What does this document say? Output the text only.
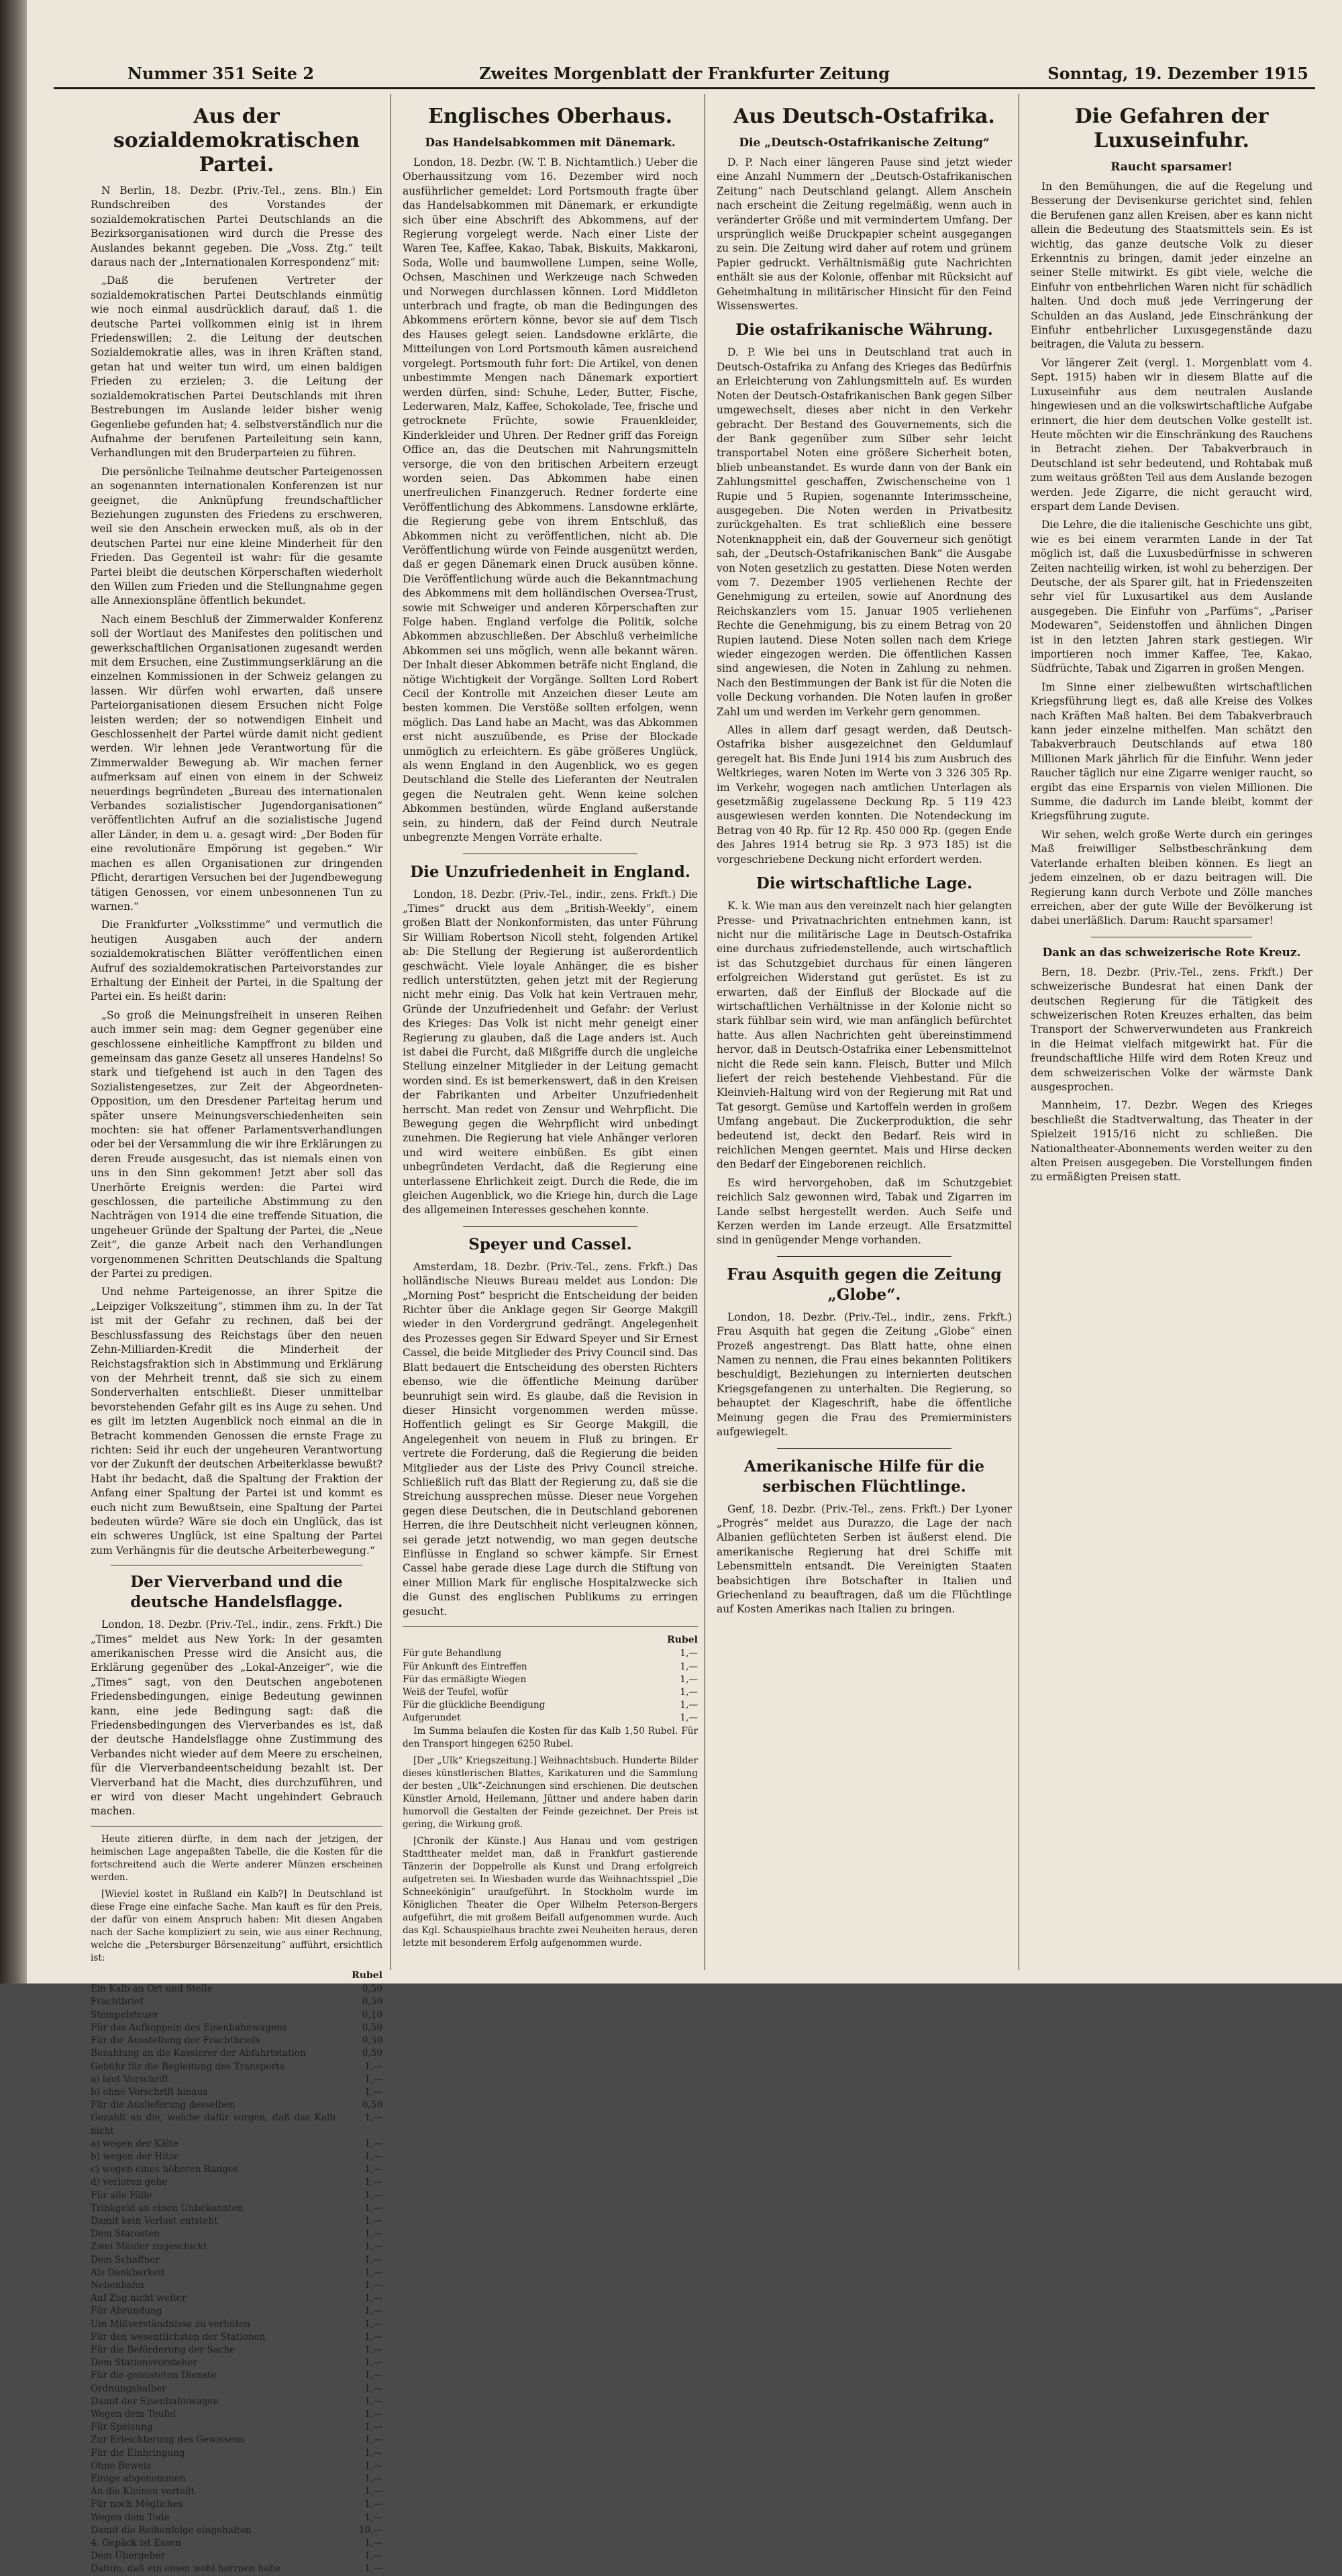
Nummer 351 Seite 2	Zweites Morgenblatt der Frankfurter Zeitung	Sonntag, 19. Dezember 1915
Aus der sozialdemokratischen Partei.

N Berlin, 18. Dezbr. (Priv.-Tel., zens. Bln.) Ein Rundschreiben des Vorstandes der sozialdemokratischen Partei Deutschlands an die Bezirksorganisationen wird durch die Presse des Auslandes bekannt gegeben. Die „Voss. Ztg.“ teilt daraus nach der „Internationalen Korrespondenz“ mit:

„Daß die berufenen Vertreter der sozialdemokratischen Partei Deutschlands einmütig wie noch einmal ausdrücklich darauf, daß 1. die deutsche Partei vollkommen einig ist in ihrem Friedenswillen; 2. die Leitung der deutschen Sozialdemokratie alles, was in ihren Kräften stand, getan hat und weiter tun wird, um einen baldigen Frieden zu erzielen; 3. die Leitung der sozialdemokratischen Partei Deutschlands mit ihren Bestrebungen im Auslande leider bisher wenig Gegenliebe gefunden hat; 4. selbstverständlich nur die Aufnahme der berufenen Parteileitung sein kann, Verhandlungen mit den Bruderparteien zu führen.

Die persönliche Teilnahme deutscher Parteigenossen an sogenannten internationalen Konferenzen ist nur geeignet, die Anknüpfung freundschaftlicher Beziehungen zugunsten des Friedens zu erschweren, weil sie den Anschein erwecken muß, als ob in der deutschen Partei nur eine kleine Minderheit für den Frieden. Das Gegenteil ist wahr: für die gesamte Partei bleibt die deutschen Körperschaften wiederholt den Willen zum Frieden und die Stellungnahme gegen alle Annexionspläne öffentlich bekundet.

Nach einem Beschluß der Zimmerwalder Konferenz soll der Wortlaut des Manifestes den politischen und gewerkschaftlichen Organisationen zugesandt werden mit dem Ersuchen, eine Zustimmungserklärung an die einzelnen Kommissionen in der Schweiz gelangen zu lassen. Wir dürfen wohl erwarten, daß unsere Parteiorganisationen diesem Ersuchen nicht Folge leisten werden; der so notwendigen Einheit und Geschlossenheit der Partei würde damit nicht gedient werden. Wir lehnen jede Verantwortung für die Zimmerwalder Bewegung ab. Wir machen ferner aufmerksam auf einen von einem in der Schweiz neuerdings begründeten „Bureau des internationalen Verbandes sozialistischer Jugendorganisationen“ veröffentlichten Aufruf an die sozialistische Jugend aller Länder, in dem u. a. gesagt wird: „Der Boden für eine revolutionäre Empörung ist gegeben.“ Wir machen es allen Organisationen zur dringenden Pflicht, derartigen Versuchen bei der Jugendbewegung tätigen Genossen, vor einem unbesonnenen Tun zu warnen.“

Die Frankfurter „Volksstimme“ und vermutlich die heutigen Ausgaben auch der andern sozialdemokratischen Blätter veröffentlichen einen Aufruf des sozialdemokratischen Parteivorstandes zur Erhaltung der Einheit der Partei, in die Spaltung der Partei ein. Es heißt darin:

„So groß die Meinungsfreiheit in unseren Reihen auch immer sein mag: dem Gegner gegenüber eine geschlossene einheitliche Kampffront zu bilden und gemeinsam das ganze Gesetz all unseres Handelns! So stark und tiefgehend ist auch in den Tagen des Sozialistengesetzes, zur Zeit der Abgeordneten-Opposition, um den Dresdener Parteitag herum und später unsere Meinungsverschiedenheiten sein mochten: sie hat offener Parlamentsverhandlungen oder bei der Versammlung die wir ihre Erklärungen zu deren Freude ausgesucht, das ist niemals einen von uns in den Sinn gekommen! Jetzt aber soll das Unerhörte Ereignis werden: die Partei wird geschlossen, die parteiliche Abstimmung zu den Nachträgen von 1914 die eine treffende Situation, die ungeheuer Gründe der Spaltung der Partei, die „Neue Zeit“, die ganze Arbeit nach den Verhandlungen vorgenommenen Schritten Deutschlands die Spaltung der Partei zu predigen.

Und nehme Parteigenosse, an ihrer Spitze die „Leipziger Volkszeitung“, stimmen ihm zu. In der Tat ist mit der Gefahr zu rechnen, daß bei der Beschlussfassung des Reichstags über den neuen Zehn-Milliarden-Kredit die Minderheit der Reichstagsfraktion sich in Abstimmung und Erklärung von der Mehrheit trennt, daß sie sich zu einem Sonderverhalten entschließt. Dieser unmittelbar bevorstehenden Gefahr gilt es ins Auge zu sehen. Und es gilt im letzten Augenblick noch einmal an die in Betracht kommenden Genossen die ernste Frage zu richten: Seid ihr euch der ungeheuren Verantwortung vor der Zukunft der deutschen Arbeiterklasse bewußt? Habt ihr bedacht, daß die Spaltung der Fraktion der Anfang einer Spaltung der Partei ist und kommt es euch nicht zum Bewußtsein, eine Spaltung der Partei bedeuten würde? Wäre sie doch ein Unglück, das ist ein schweres Unglück, ist eine Spaltung der Partei zum Verhängnis für die deutsche Arbeiterbewegung.“

Der Vierverband und die deutsche Handelsflagge.

London, 18. Dezbr. (Priv.-Tel., indir., zens. Frkft.) Die „Times“ meldet aus New York: In der gesamten amerikanischen Presse wird die Ansicht aus, die Erklärung gegenüber des „Lokal-Anzeiger“, wie die „Times“ sagt, von den Deutschen angebotenen Friedensbedingungen, einige Bedeutung gewinnen kann, eine jede Bedingung sagt: daß die Friedensbedingungen des Vierverbandes es ist, daß der deutsche Handelsflagge ohne Zustimmung des Verbandes nicht wieder auf dem Meere zu erscheinen, für die Vierverbandeentscheidung bezahlt ist. Der Vierverband hat die Macht, dies durchzuführen, und er wird von dieser Macht ungehindert Gebrauch machen.

Heute zitieren dürfte, in dem nach der jetzigen, der heimischen Lage angepaßten Tabelle, die die Kosten für die fortschreitend auch die Werte anderer Münzen erscheinen werden.

[Wieviel kostet in Rußland ein Kalb?] In Deutschland ist diese Frage eine einfache Sache. Man kauft es für den Preis, der dafür von einem Anspruch haben: Mit diesen Angaben nach der Sache kompliziert zu sein, wie aus einer Rechnung, welche die „Petersburger Börsenzeitung“ aufführt, ersichtlich ist:

Rubel
Ein Kalb an Ort und Stelle	0,50
Frachtbrief	0,50
Stempelsteuer	0,10
Für das Aufkoppeln des Eisenbahnwagens	0,50
Für die Ausstellung der Frachtbriefs	0,50
Bezahlung an die Kassierer der Abfahrtstation	0,50
Gebühr für die Begleitung des Transports	1,—
a) laut Vorschrift	1,—
b) ohne Vorschrift hinaus	1,—
Für die Auslieferung desselben	0,50
Gezahlt an die, welche dafür sorgen, daß das Kalb nicht	1,—
a) wegen der Kälte	1,—
b) wegen der Hitze	1,—
c) wegen eines höheren Ranges	1,—
d) verloren gehe	1,—
Für alle Fälle	1,—
Trinkgeld an einen Unbekannten	1,—
Damit kein Verlust entsteht	1,—
Dem Starosten	1,—
Zwei Mäuler zugeschickt	1,—
Dem Schaffner	1,—
Als Dankbarkeit	1,—
Nebenbahn	1,—
Auf Zug nicht weiter	1,—
Für Abrundung	1,—
Um Mißverständnisse zu verhüten	1,—
Für den wesentlichsten der Stationen	1,—
Für die Beförderung der Sache	1,—
Dem Stationsvorsteher	1,—
Für die geleisteten Dienste	1,—
Ordnungshalber	1,—
Damit der Eisenbahnwagen	1,—
Wegen dem Teufel	1,—
Für Speisung	1,—
Zur Erleichterung des Gewissens	1,—
Für die Einbringung	1,—
Ohne Beweis	1,—
Einige abgenommen	1,—
An die Kleinen verteilt	1,—
Für noch Mögliches	1,—
Wegen dem Tode	1,—
Damit die Reihenfolge eingehalten	10,—
4. Gepäck ist Essen	1,—
Dem Übergeber	1,—
Datum, daß ein einen wohl herrnen habe	1,—
Englisches Oberhaus.
Das Handelsabkommen mit Dänemark.

London, 18. Dezbr. (W. T. B. Nichtamtlich.) Ueber die Oberhaussitzung vom 16. Dezember wird noch ausführlicher gemeldet: Lord Portsmouth fragte über das Handelsabkommen mit Dänemark, er erkundigte sich über eine Abschrift des Abkommens, auf der Regierung vorgelegt werde. Nach einer Liste der Waren Tee, Kaffee, Kakao, Tabak, Biskuits, Makkaroni, Soda, Wolle und baumwollene Lumpen, seine Wolle, Ochsen, Maschinen und Werkzeuge nach Schweden und Norwegen durchlassen können. Lord Middleton unterbrach und fragte, ob man die Bedingungen des Abkommens erörtern könne, bevor sie auf dem Tisch des Hauses gelegt seien. Landsdowne erklärte, die Mitteilungen von Lord Portsmouth kämen ausreichend vorgelegt. Portsmouth fuhr fort: Die Artikel, von denen unbestimmte Mengen nach Dänemark exportiert werden dürfen, sind: Schuhe, Leder, Butter, Fische, Lederwaren, Malz, Kaffee, Schokolade, Tee, frische und getrocknete Früchte, sowie Frauenkleider, Kinderkleider und Uhren. Der Redner griff das Foreign Office an, das die Deutschen mit Nahrungsmitteln versorge, die von den britischen Arbeitern erzeugt worden seien. Das Abkommen habe einen unerfreulichen Finanzgeruch. Redner forderte eine Veröffentlichung des Abkommens. Lansdowne erklärte, die Regierung gebe von ihrem Entschluß, das Abkommen nicht zu veröffentlichen, nicht ab. Die Veröffentlichung würde von Feinde ausgenützt werden, daß er gegen Dänemark einen Druck ausüben könne. Die Veröffentlichung würde auch die Bekanntmachung des Abkommens mit dem holländischen Oversea-Trust, sowie mit Schweiger und anderen Körperschaften zur Folge haben. England verfolge die Politik, solche Abkommen abzuschließen. Der Abschluß verheimliche Abkommen sei uns möglich, wenn alle bekannt wären. Der Inhalt dieser Abkommen beträfe nicht England, die nötige Wichtigkeit der Vorgänge. Sollten Lord Robert Cecil der Kontrolle mit Anzeichen dieser Leute am besten kommen. Die Verstöße sollten erfolgen, wenn möglich. Das Land habe an Macht, was das Abkommen erst nicht auszuübende, es Prise der Blockade unmöglich zu erleichtern. Es gäbe größeres Unglück, als wenn England in den Augenblick, wo es gegen Deutschland die Stelle des Lieferanten der Neutralen gegen die Neutralen geht. Wenn keine solchen Abkommen bestünden, würde England außerstande sein, zu hindern, daß der Feind durch Neutrale unbegrenzte Mengen Vorräte erhalte.

Die Unzufriedenheit in England.

London, 18. Dezbr. (Priv.-Tel., indir., zens. Frkft.) Die „Times“ druckt aus dem „British-Weekly“, einem großen Blatt der Nonkonformisten, das unter Führung Sir William Robertson Nicoll steht, folgenden Artikel ab: Die Stellung der Regierung ist außerordentlich geschwächt. Viele loyale Anhänger, die es bisher redlich unterstützten, gehen jetzt mit der Regierung nicht mehr einig. Das Volk hat kein Vertrauen mehr, Gründe der Unzufriedenheit und Gefahr: der Verlust des Krieges: Das Volk ist nicht mehr geneigt einer Regierung zu glauben, daß die Lage anders ist. Auch ist dabei die Furcht, daß Mißgriffe durch die ungleiche Stellung einzelner Mitglieder in der Leitung gemacht worden sind. Es ist bemerkenswert, daß in den Kreisen der Fabrikanten und Arbeiter Unzufriedenheit herrscht. Man redet von Zensur und Wehrpflicht. Die Bewegung gegen die Wehrpflicht wird unbedingt zunehmen. Die Regierung hat viele Anhänger verloren und wird weitere einbüßen. Es gibt einen unbegründeten Verdacht, daß die Regierung eine unterlassene Ehrlichkeit zeigt. Durch die Rede, die im gleichen Augenblick, wo die Kriege hin, durch die Lage des allgemeinen Interesses geschehen konnte.

Speyer und Cassel.

Amsterdam, 18. Dezbr. (Priv.-Tel., zens. Frkft.) Das holländische Nieuws Bureau meldet aus London: Die „Morning Post“ bespricht die Entscheidung der beiden Richter über die Anklage gegen Sir George Makgill wieder in den Vordergrund gedrängt. Angelegenheit des Prozesses gegen Sir Edward Speyer und Sir Ernest Cassel, die beide Mitglieder des Privy Council sind. Das Blatt bedauert die Entscheidung des obersten Richters ebenso, wie die öffentliche Meinung darüber beunruhigt sein wird. Es glaube, daß die Revision in dieser Hinsicht vorgenommen werden müsse. Hoffentlich gelingt es Sir George Makgill, die Angelegenheit von neuem in Fluß zu bringen. Er vertrete die Forderung, daß die Regierung die beiden Mitglieder aus der Liste des Privy Council streiche. Schließlich ruft das Blatt der Regierung zu, daß sie die Streichung aussprechen müsse. Dieser neue Vorgehen gegen diese Deutschen, die in Deutschland geborenen Herren, die ihre Deutschheit nicht verleugnen können, sei gerade jetzt notwendig, wo man gegen deutsche Einflüsse in England so schwer kämpfe. Sir Ernest Cassel habe gerade diese Lage durch die Stiftung von einer Million Mark für englische Hospitalzwecke sich die Gunst des englischen Publikums zu erringen gesucht.

Rubel
Für gute Behandlung	1,—
Für Ankunft des Eintreffen	1,—
Für das ermäßigte Wiegen	1,—
Weiß der Teufel, wofür	1,—
Für die glückliche Beendigung	1,—
Aufgerundet	1,—

Im Summa belaufen die Kosten für das Kalb 1,50 Rubel. Für den Transport hingegen 6250 Rubel.

[Der „Ulk“ Kriegszeitung.] Weihnachtsbuch. Hunderte Bilder dieses künstlerischen Blattes, Karikaturen und die Sammlung der besten „Ulk“-Zeichnungen sind erschienen. Die deutschen Künstler Arnold, Heilemann, Jüttner und andere haben darin humorvoll die Gestalten der Feinde gezeichnet. Der Preis ist gering, die Wirkung groß.

[Chronik der Künste.] Aus Hanau und vom gestrigen Stadttheater meldet man, daß in Frankfurt gastierende Tänzerin der Doppelrolle als Kunst und Drang erfolgreich aufgetreten sei. In Wiesbaden wurde das Weihnachtsspiel „Die Schneekönigin“ uraufgeführt. In Stockholm wurde im Königlichen Theater die Oper Wilhelm Peterson-Bergers aufgeführt, die mit großem Beifall aufgenommen wurde. Auch das Kgl. Schauspielhaus brachte zwei Neuheiten heraus, deren letzte mit besonderem Erfolg aufgenommen wurde.

Aus Deutsch-Ostafrika.
Die „Deutsch-Ostafrikanische Zeitung“

D. P. Nach einer längeren Pause sind jetzt wieder eine Anzahl Nummern der „Deutsch-Ostafrikanischen Zeitung“ nach Deutschland gelangt. Allem Anschein nach erscheint die Zeitung regelmäßig, wenn auch in veränderter Größe und mit vermindertem Umfang. Der ursprünglich weiße Druckpapier scheint ausgegangen zu sein. Die Zeitung wird daher auf rotem und grünem Papier gedruckt. Verhältnismäßig gute Nachrichten enthält sie aus der Kolonie, offenbar mit Rücksicht auf Geheimhaltung in militärischer Hinsicht für den Feind Wissenswertes.

Die ostafrikanische Währung.

D. P. Wie bei uns in Deutschland trat auch in Deutsch-Ostafrika zu Anfang des Krieges das Bedürfnis an Erleichterung von Zahlungsmitteln auf. Es wurden Noten der Deutsch-Ostafrikanischen Bank gegen Silber umgewechselt, dieses aber nicht in den Verkehr gebracht. Der Bestand des Gouvernements, sich die der Bank gegenüber zum Silber sehr leicht transportabel Noten eine größere Sicherheit boten, blieb unbeanstandet. Es wurde dann von der Bank ein Zahlungsmittel geschaffen, Zwischenscheine von 1 Rupie und 5 Rupien, sogenannte Interimsscheine, ausgegeben. Die Noten werden in Privatbesitz zurückgehalten. Es trat schließlich eine bessere Notenknappheit ein, daß der Gouverneur sich genötigt sah, der „Deutsch-Ostafrikanischen Bank“ die Ausgabe von Noten gesetzlich zu gestatten. Diese Noten werden vom 7. Dezember 1905 verliehenen Rechte der Genehmigung zu erteilen, sowie auf Anordnung des Reichskanzlers vom 15. Januar 1905 verliehenen Rechte die Genehmigung, bis zu einem Betrag von 20 Rupien lautend. Diese Noten sollen nach dem Kriege wieder eingezogen werden. Die öffentlichen Kassen sind angewiesen, die Noten in Zahlung zu nehmen. Nach den Bestimmungen der Bank ist für die Noten die volle Deckung vorhanden. Die Noten laufen in großer Zahl um und werden im Verkehr gern genommen.

Alles in allem darf gesagt werden, daß Deutsch-Ostafrika bisher ausgezeichnet den Geldumlauf geregelt hat. Bis Ende Juni 1914 bis zum Ausbruch des Weltkrieges, waren Noten im Werte von 3 326 305 Rp. im Verkehr, wogegen nach amtlichen Unterlagen als gesetzmäßig zugelassene Deckung Rp. 5 119 423 ausgewiesen werden konnten. Die Notendeckung im Betrag von 40 Rp. für 12 Rp. 450 000 Rp. (gegen Ende des Jahres 1914 betrug sie Rp. 3 973 185) ist die vorgeschriebene Deckung nicht erfordert werden.

Die wirtschaftliche Lage.

K. k. Wie man aus den vereinzelt nach hier gelangten Presse- und Privatnachrichten entnehmen kann, ist nicht nur die militärische Lage in Deutsch-Ostafrika eine durchaus zufriedenstellende, auch wirtschaftlich ist das Schutzgebiet durchaus für einen längeren erfolgreichen Widerstand gut gerüstet. Es ist zu erwarten, daß der Einfluß der Blockade auf die wirtschaftlichen Verhältnisse in der Kolonie nicht so stark fühlbar sein wird, wie man anfänglich befürchtet hatte. Aus allen Nachrichten geht übereinstimmend hervor, daß in Deutsch-Ostafrika einer Lebensmittelnot nicht die Rede sein kann. Fleisch, Butter und Milch liefert der reich bestehende Viehbestand. Für die Kleinvieh-Haltung wird von der Regierung mit Rat und Tat gesorgt. Gemüse und Kartoffeln werden in großem Umfang angebaut. Die Zuckerproduktion, die sehr bedeutend ist, deckt den Bedarf. Reis wird in reichlichen Mengen geerntet. Mais und Hirse decken den Bedarf der Eingeborenen reichlich.

Es wird hervorgehoben, daß im Schutzgebiet reichlich Salz gewonnen wird, Tabak und Zigarren im Lande selbst hergestellt werden. Auch Seife und Kerzen werden im Lande erzeugt. Alle Ersatzmittel sind in genügender Menge vorhanden.

Frau Asquith gegen die Zeitung „Globe“.

London, 18. Dezbr. (Priv.-Tel., indir., zens. Frkft.) Frau Asquith hat gegen die Zeitung „Globe“ einen Prozeß angestrengt. Das Blatt hatte, ohne einen Namen zu nennen, die Frau eines bekannten Politikers beschuldigt, Beziehungen zu internierten deutschen Kriegsgefangenen zu unterhalten. Die Regierung, so behauptet der Klageschrift, habe die öffentliche Meinung gegen die Frau des Premierministers aufgewiegelt.

Amerikanische Hilfe für die serbischen Flüchtlinge.

Genf, 18. Dezbr. (Priv.-Tel., zens. Frkft.) Der Lyoner „Progrès“ meldet aus Durazzo, die Lage der nach Albanien geflüchteten Serben ist äußerst elend. Die amerikanische Regierung hat drei Schiffe mit Lebensmitteln entsandt. Die Vereinigten Staaten beabsichtigen ihre Botschafter in Italien und Griechenland zu beauftragen, daß um die Flüchtlinge auf Kosten Amerikas nach Italien zu bringen.

Die Gefahren der Luxuseinfuhr.
Raucht sparsamer!

In den Bemühungen, die auf die Regelung und Besserung der Devisenkurse gerichtet sind, fehlen die Berufenen ganz allen Kreisen, aber es kann nicht allein die Bedeutung des Staatsmittels sein. Es ist wichtig, das ganze deutsche Volk zu dieser Erkenntnis zu bringen, damit jeder einzelne an seiner Stelle mitwirkt. Es gibt viele, welche die Einfuhr von entbehrlichen Waren nicht für schädlich halten. Und doch muß jede Verringerung der Schulden an das Ausland, jede Einschränkung der Einfuhr entbehrlicher Luxusgegenstände dazu beitragen, die Valuta zu bessern.

Vor längerer Zeit (vergl. 1. Morgenblatt vom 4. Sept. 1915) haben wir in diesem Blatte auf die Luxuseinfuhr aus dem neutralen Auslande hingewiesen und an die volkswirtschaftliche Aufgabe erinnert, die hier dem deutschen Volke gestellt ist. Heute möchten wir die Einschränkung des Rauchens in Betracht ziehen. Der Tabakverbrauch in Deutschland ist sehr bedeutend, und Rohtabak muß zum weitaus größten Teil aus dem Auslande bezogen werden. Jede Zigarre, die nicht geraucht wird, erspart dem Lande Devisen.

Die Lehre, die die italienische Geschichte uns gibt, wie es bei einem verarmten Lande in der Tat möglich ist, daß die Luxusbedürfnisse in schweren Zeiten nachteilig wirken, ist wohl zu beherzigen. Der Deutsche, der als Sparer gilt, hat in Friedenszeiten sehr viel für Luxusartikel aus dem Auslande ausgegeben. Die Einfuhr von „Parfüms“, „Pariser Modewaren“, Seidenstoffen und ähnlichen Dingen ist in den letzten Jahren stark gestiegen. Wir importieren noch immer Kaffee, Tee, Kakao, Südfrüchte, Tabak und Zigarren in großen Mengen.

Im Sinne einer zielbewußten wirtschaftlichen Kriegsführung liegt es, daß alle Kreise des Volkes nach Kräften Maß halten. Bei dem Tabakverbrauch kann jeder einzelne mithelfen. Man schätzt den Tabakverbrauch Deutschlands auf etwa 180 Millionen Mark jährlich für die Einfuhr. Wenn jeder Raucher täglich nur eine Zigarre weniger raucht, so ergibt das eine Ersparnis von vielen Millionen. Die Summe, die dadurch im Lande bleibt, kommt der Kriegsführung zugute.

Wir sehen, welch große Werte durch ein geringes Maß freiwilliger Selbstbeschränkung dem Vaterlande erhalten bleiben können. Es liegt an jedem einzelnen, ob er dazu beitragen will. Die Regierung kann durch Verbote und Zölle manches erreichen, aber der gute Wille der Bevölkerung ist dabei unerläßlich. Darum: Raucht sparsamer!

Dank an das schweizerische Rote Kreuz.

Bern, 18. Dezbr. (Priv.-Tel., zens. Frkft.) Der schweizerische Bundesrat hat einen Dank der deutschen Regierung für die Tätigkeit des schweizerischen Roten Kreuzes erhalten, das beim Transport der Schwerverwundeten aus Frankreich in die Heimat vielfach mitgewirkt hat. Für die freundschaftliche Hilfe wird dem Roten Kreuz und dem schweizerischen Volke der wärmste Dank ausgesprochen.

Mannheim, 17. Dezbr. Wegen des Krieges beschließt die Stadtverwaltung, das Theater in der Spielzeit 1915/16 nicht zu schließen. Die Nationaltheater-Abonnements werden weiter zu den alten Preisen ausgegeben. Die Vorstellungen finden zu ermäßigten Preisen statt.
